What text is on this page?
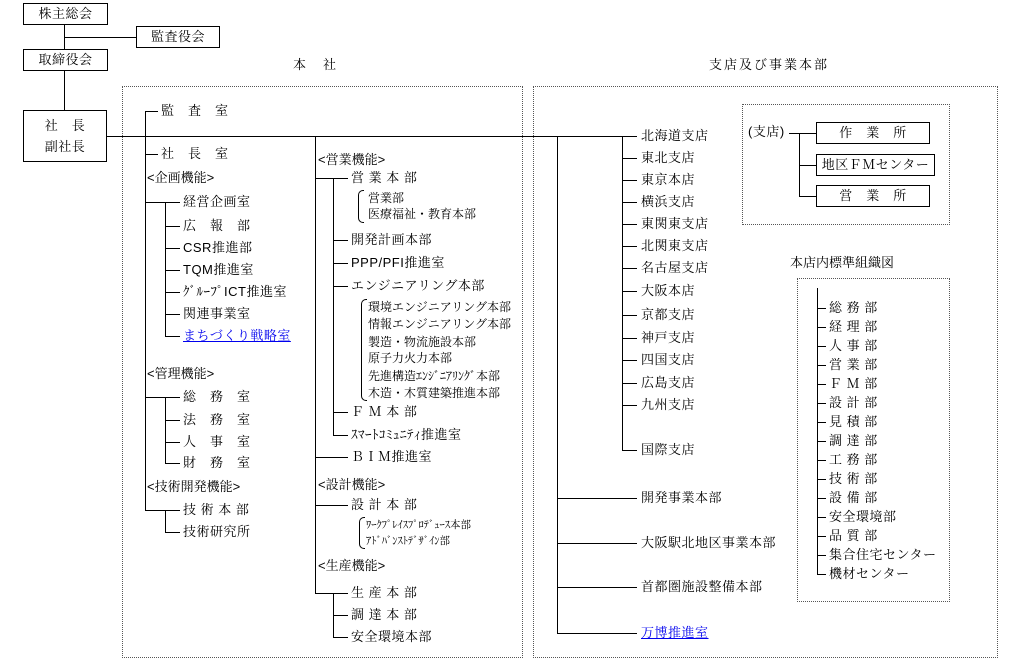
株主総会
監査役会
取締役会
社　長
副社長
本　社
監　査　室
社　長　室
<企画機能>
経営企画室
広　報　部
CSR推進部
TQM推進室
ｸﾞﾙｰﾌﾟICT推進室
関連事業室
まちづくり戦略室
<管理機能>
総　務　室
法　務　室
人　事　室
財　務　室
<技術開発機能>
技 術 本 部
技術研究所
<営業機能>
営 業 本 部
営業部
医療福祉・教育本部
開発計画本部
PPP/PFI推進室
エンジニアリング本部
環境エンジニアリング本部
情報エンジニアリング本部
製造・物流施設本部
原子力火力本部
先進構造ｴﾝｼﾞﾆｱﾘﾝｸﾞ本部
木造・木質建築推進本部
Ｆ Ｍ 本 部
ｽﾏｰﾄｺﾐｭﾆﾃｨ推進室
ＢＩＭ推進室
<設計機能>
設 計 本 部
ﾜｰｸﾌﾟﾚｲｽﾌﾟﾛﾃﾞｭｰｽ本部
ｱﾄﾞﾊﾞﾝｽﾄﾃﾞｻﾞｲﾝ部
<生産機能>
生 産 本 部
調 達 本 部
安全環境本部
支店及び事業本部
北海道支店
東北支店
東京本店
横浜支店
東関東支店
北関東支店
名古屋支店
大阪本店
京都支店
神戸支店
四国支店
広島支店
九州支店
国際支店
開発事業本部
大阪駅北地区事業本部
首都圏施設整備本部
万博推進室
(支店)	作　業　所
地区ＦＭセンター
営　業　所
本店内標準組織図
総 務 部
経 理 部
人 事 部
営 業 部
Ｆ Ｍ 部
設 計 部
見 積 部
調 達 部
工 務 部
技 術 部
設 備 部
安全環境部
品 質 部
集合住宅センター
機材センター
